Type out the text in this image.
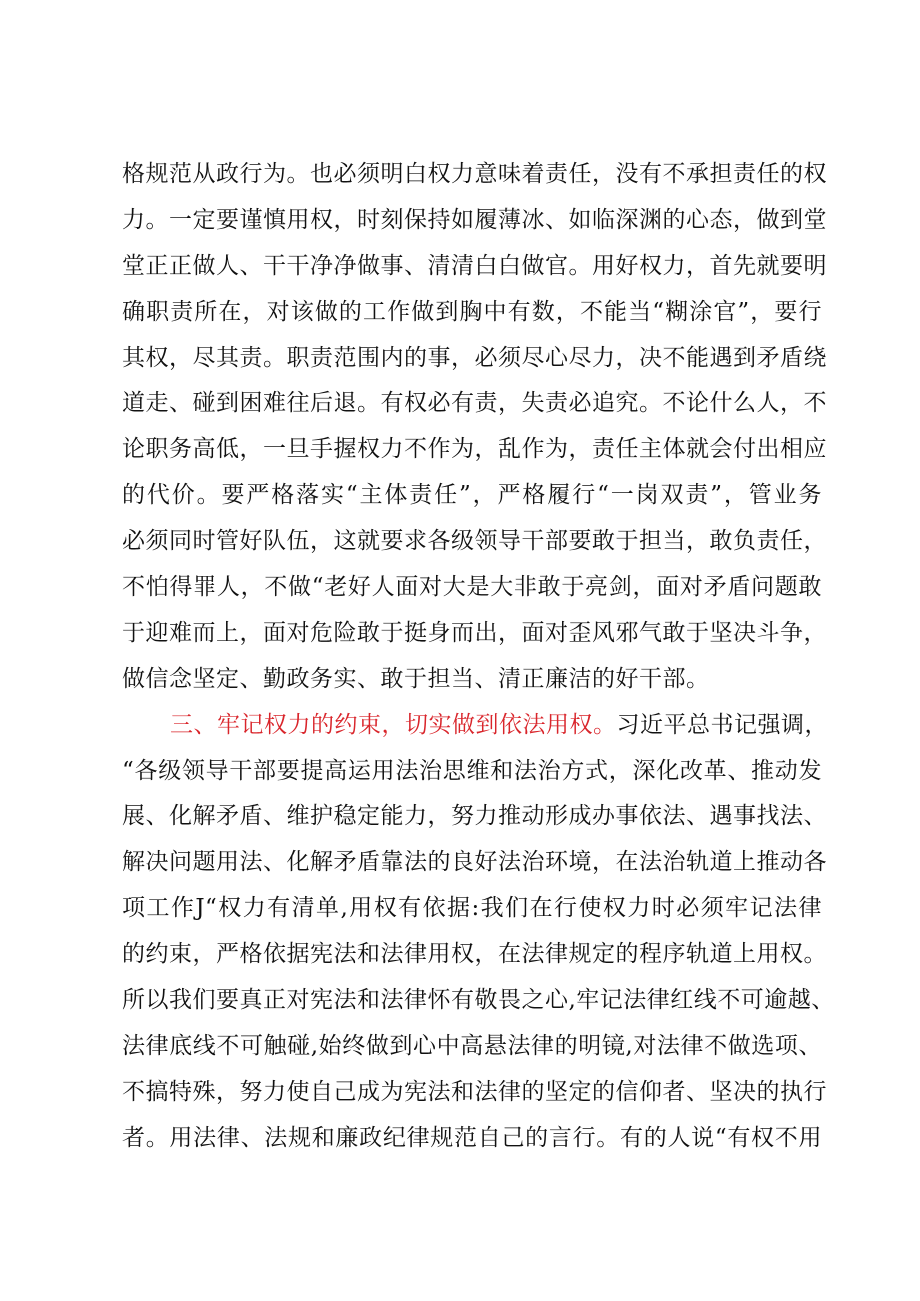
格规范从政行为。也必须明白权力意味着责任，没有不承担责任的权
力。一定要谨慎用权，时刻保持如履薄冰、如临深渊的心态，做到堂
堂正正做人、干干净净做事、清清白白做官。用好权力，首先就要明
确职责所在，对该做的工作做到胸中有数，不能当“糊涂官”，要行
其权，尽其责。职责范围内的事，必须尽心尽力，决不能遇到矛盾绕
道走、碰到困难往后退。有权必有责，失责必追究。不论什么人，不
论职务高低，一旦手握权力不作为，乱作为，责任主体就会付出相应
的代价。要严格落实“主体责任”，严格履行“一岗双责”，管业务
必须同时管好队伍，这就要求各级领导干部要敢于担当，敢负责任，
不怕得罪人，不做“老好人面对大是大非敢于亮剑，面对矛盾问题敢
于迎难而上，面对危险敢于挺身而出，面对歪风邪气敢于坚决斗争，
做信念坚定、勤政务实、敢于担当、清正廉洁的好干部。
三、牢记权力的约束，切实做到依法用权。习近平总书记强调，
“各级领导干部要提高运用法治思维和法治方式，深化改革、推动发
展、化解矛盾、维护稳定能力，努力推动形成办事依法、遇事找法、
解决问题用法、化解矛盾靠法的良好法治环境，在法治轨道上推动各
项工作J“权力有清单,用权有依据:我们在行使权力时必须牢记法律
的约束，严格依据宪法和法律用权，在法律规定的程序轨道上用权。
所以我们要真正对宪法和法律怀有敬畏之心,牢记法律红线不可逾越、
法律底线不可触碰,始终做到心中高悬法律的明镜,对法律不做选项、
不搞特殊，努力使自己成为宪法和法律的坚定的信仰者、坚决的执行
者。用法律、法规和廉政纪律规范自己的言行。有的人说“有权不用
